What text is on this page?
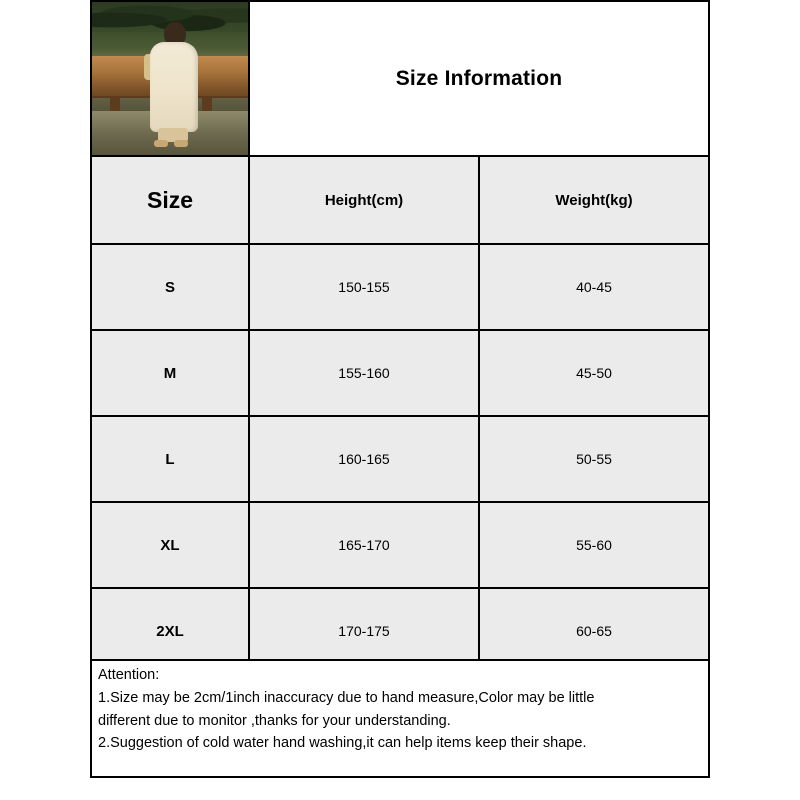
Size Information
Size	Height(cm)	Weight(kg)
S	150-155	40-45
M	155-160	45-50
L	160-165	50-55
XL	165-170	55-60
2XL	170-175	60-65

Attention:

1.Size may be 2cm/1inch inaccuracy due to hand measure,Color may be little

different due to monitor ,thanks for your understanding.

2.Suggestion of cold water hand washing,it can help items keep their shape.
